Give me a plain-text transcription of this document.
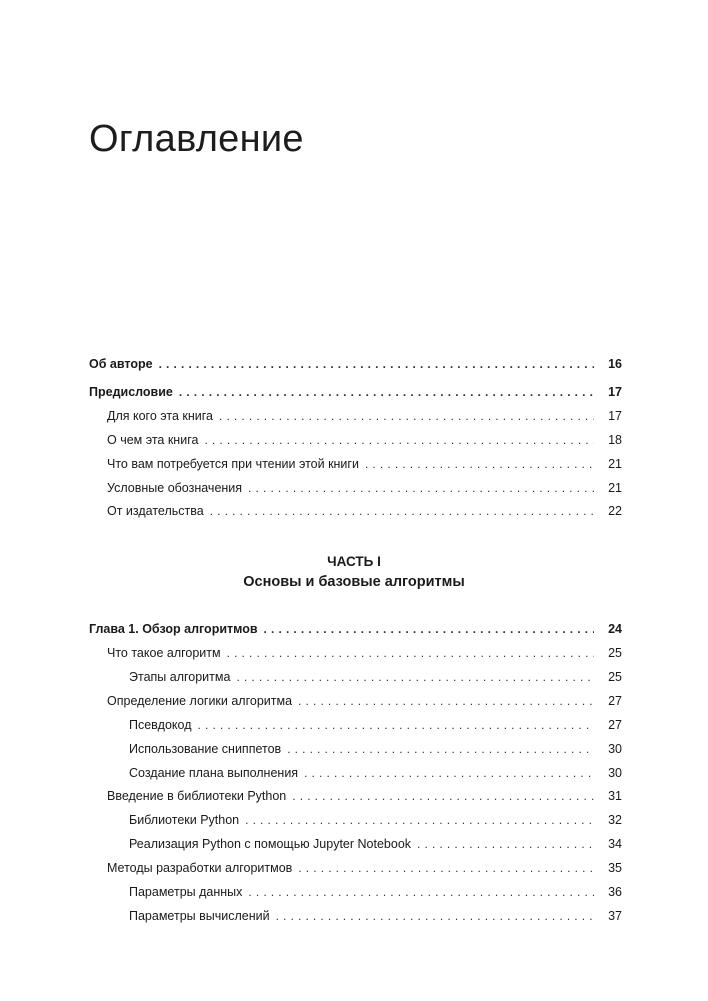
Оглавление
Об авторе . . .	16
Предисловие . . .	17
Для кого эта книга . . .	17
О чем эта книга . . .	18
Что вам потребуется при чтении этой книги . . .	21
Условные обозначения . . .	21
От издательства . . .	22
ЧАСТЬ I
Основы и базовые алгоритмы
Глава 1. Обзор алгоритмов . . .	24
Что такое алгоритм . . .	25
Этапы алгоритма . . .	25
Определение логики алгоритма . . .	27
Псевдокод . . .	27
Использование сниппетов . . .	30
Создание плана выполнения . . .	30
Введение в библиотеки Python . . .	31
Библиотеки Python . . .	32
Реализация Python с помощью Jupyter Notebook . . .	34
Методы разработки алгоритмов . . .	35
Параметры данных . . .	36
Параметры вычислений . . .	37
